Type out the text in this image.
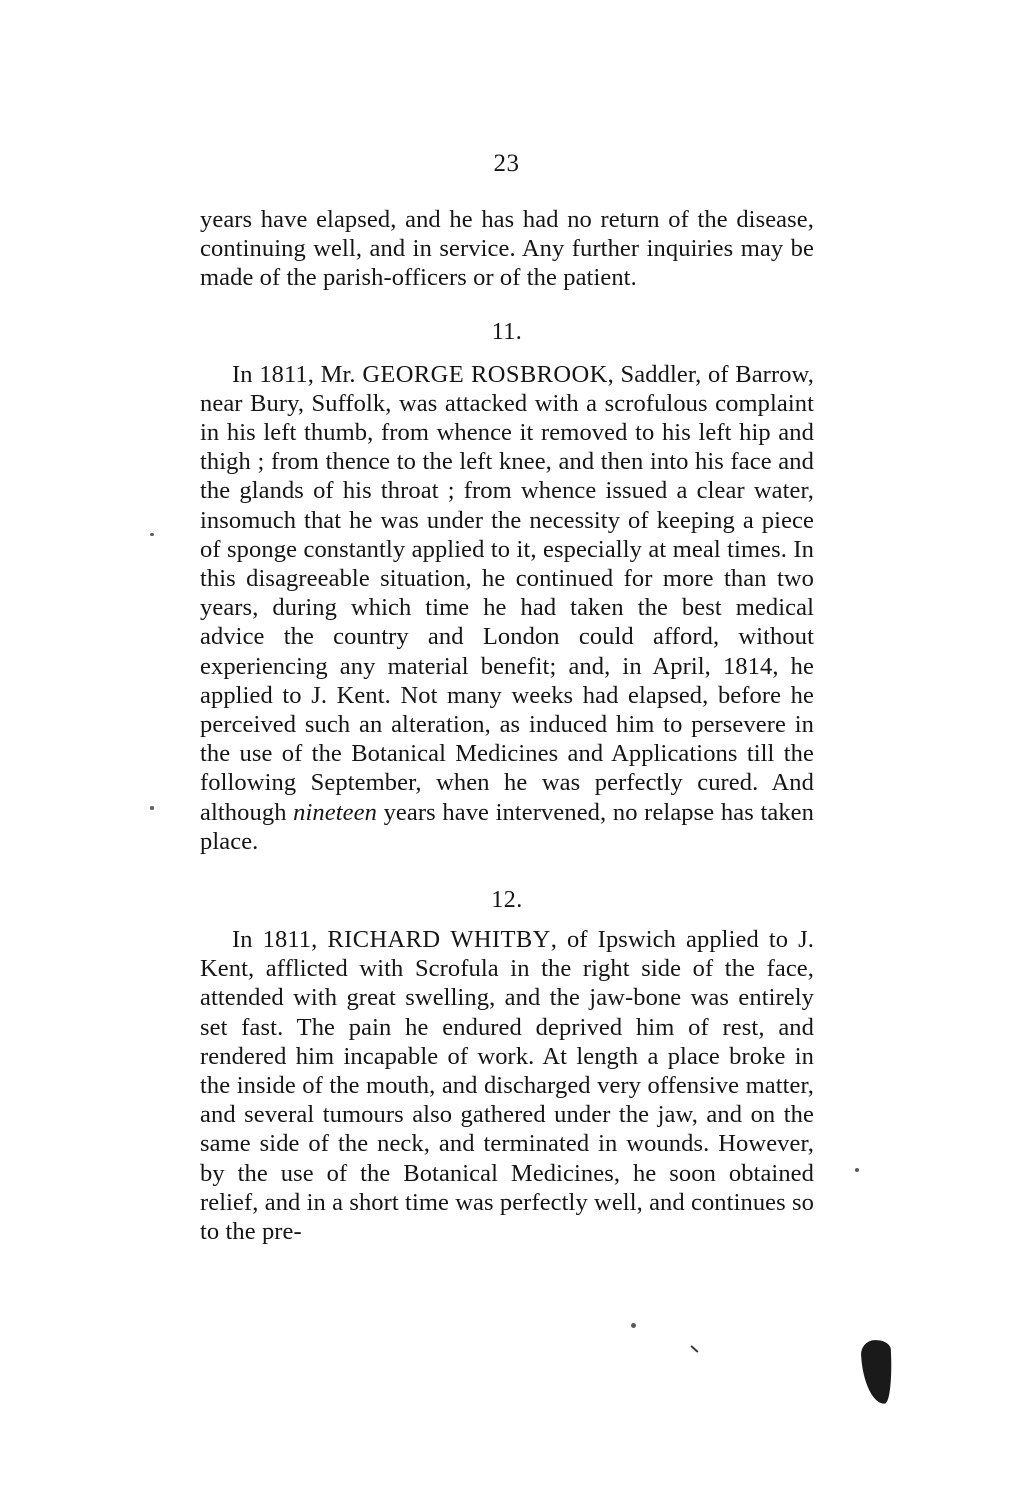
23

years have elapsed, and he has had no return of the disease, continuing well, and in service. Any further inquiries may be made of the parish-officers or of the patient.

11.

In 1811, Mr. GEORGE ROSBROOK, Saddler, of Barrow, near Bury, Suffolk, was attacked with a scrofulous complaint in his left thumb, from whence it removed to his left hip and thigh ; from thence to the left knee, and then into his face and the glands of his throat ; from whence issued a clear water, insomuch that he was under the necessity of keeping a piece of sponge constantly applied to it, especially at meal times. In this disagreeable situation, he continued for more than two years, during which time he had taken the best medical advice the country and London could afford, without experiencing any material benefit; and, in April, 1814, he applied to J. Kent. Not many weeks had elapsed, before he perceived such an alteration, as induced him to persevere in the use of the Botanical Medicines and Applications till the following September, when he was perfectly cured. And although nineteen years have intervened, no relapse has taken place.

12.

In 1811, RICHARD WHITBY, of Ipswich applied to J. Kent, afflicted with Scrofula in the right side of the face, attended with great swelling, and the jaw-bone was entirely set fast. The pain he endured deprived him of rest, and rendered him incapable of work. At length a place broke in the inside of the mouth, and discharged very offensive matter, and several tumours also gathered under the jaw, and on the same side of the neck, and terminated in wounds. However, by the use of the Botanical Medicines, he soon obtained relief, and in a short time was perfectly well, and continues so to the pre-
